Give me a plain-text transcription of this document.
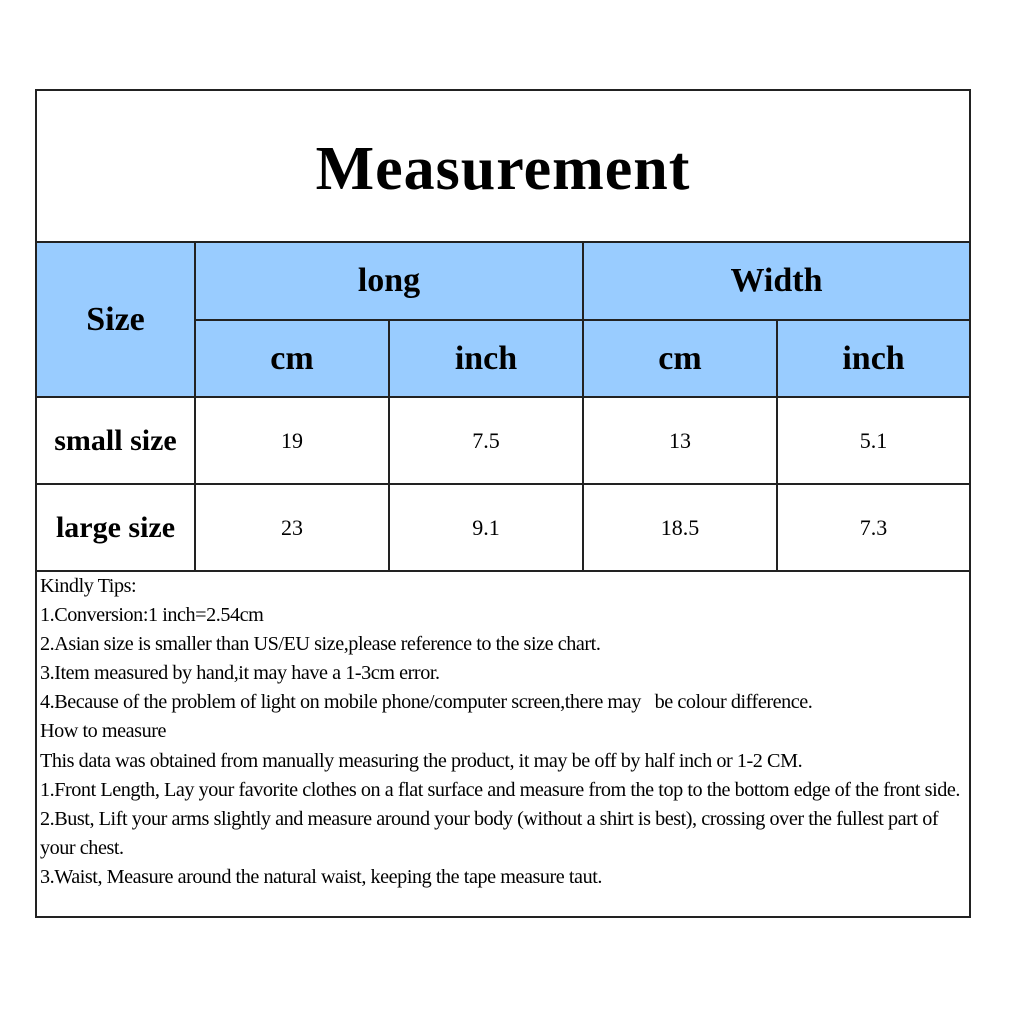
Measurement
Size	long		Width	
	cm	inch	cm	inch
small size	19	7.5	13	5.1
large size	23	9.1	18.5	7.3

Kindly Tips:

1.Conversion:1 inch=2.54cm

2.Asian size is smaller than US/EU size,please reference to the size chart.

3.Item measured by hand,it may have a 1-3cm error.

4.Because of the problem of light on mobile phone/computer screen,there may   be colour difference.

How to measure

This data was obtained from manually measuring the product, it may be off by half inch or 1-2 CM.

1.Front Length, Lay your favorite clothes on a flat surface and measure from the top to the bottom edge of the front side.

2.Bust, Lift your arms slightly and measure around your body (without a shirt is best), crossing over the fullest part of your chest.

3.Waist, Measure around the natural waist, keeping the tape measure taut.
